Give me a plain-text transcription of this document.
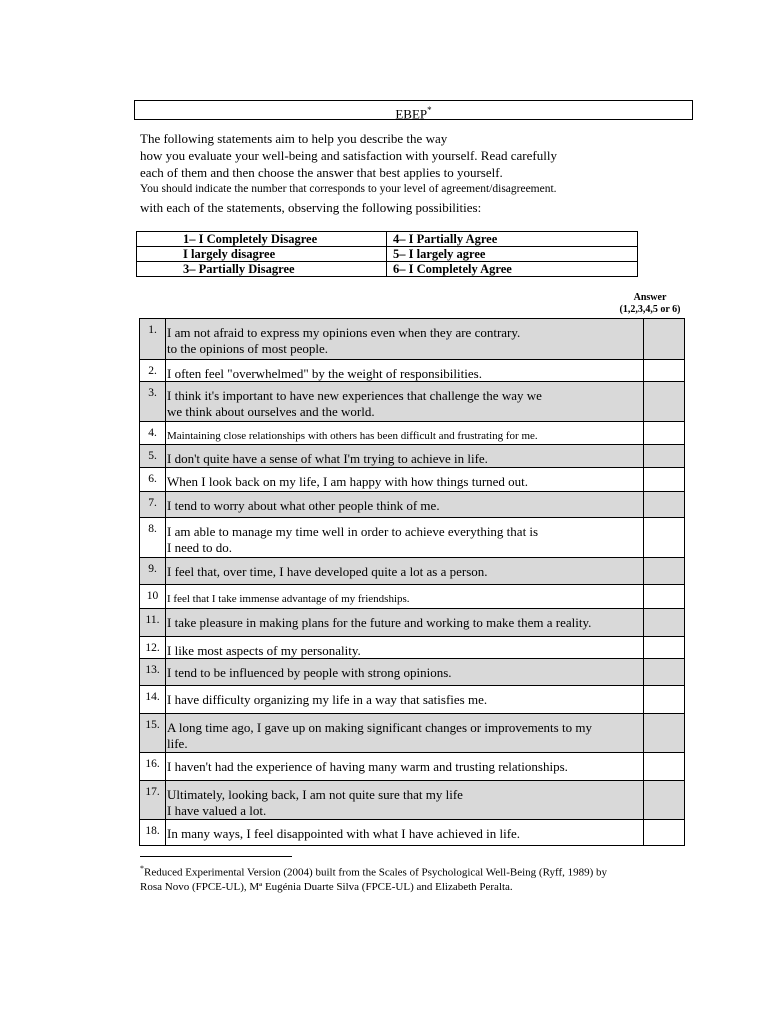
EBEP*
The following statements aim to help you describe the way
how you evaluate your well-being and satisfaction with yourself. Read carefully
each of them and then choose the answer that best applies to yourself.
You should indicate the number that corresponds to your level of agreement/disagreement.
with each of the statements, observing the following possibilities:
1– I Completely Disagree	4– I Partially Agree
I largely disagree	5– I largely agree
3– Partially Disagree	6– I Completely Agree
Answer
(1,2,3,4,5 or 6)
1. I am not afraid to express my opinions even when they are contrary.
to the opinions of most people.
2. I often feel "overwhelmed" by the weight of responsibilities.
3. I think it's important to have new experiences that challenge the way we
we think about ourselves and the world.
4. Maintaining close relationships with others has been difficult and frustrating for me.
5. I don't quite have a sense of what I'm trying to achieve in life.
6. When I look back on my life, I am happy with how things turned out.
7. I tend to worry about what other people think of me.
8. I am able to manage my time well in order to achieve everything that is
I need to do.
9. I feel that, over time, I have developed quite a lot as a person.
10 I feel that I take immense advantage of my friendships.
11. I take pleasure in making plans for the future and working to make them a reality.
12. I like most aspects of my personality.
13. I tend to be influenced by people with strong opinions.
14. I have difficulty organizing my life in a way that satisfies me.
15. A long time ago, I gave up on making significant changes or improvements to my
life.
16. I haven't had the experience of having many warm and trusting relationships.
17. Ultimately, looking back, I am not quite sure that my life
I have valued a lot.
18. In many ways, I feel disappointed with what I have achieved in life.
*Reduced Experimental Version (2004) built from the Scales of Psychological Well-Being (Ryff, 1989) by Rosa Novo (FPCE-UL), Mª Eugénia Duarte Silva (FPCE-UL) and Elizabeth Peralta.
